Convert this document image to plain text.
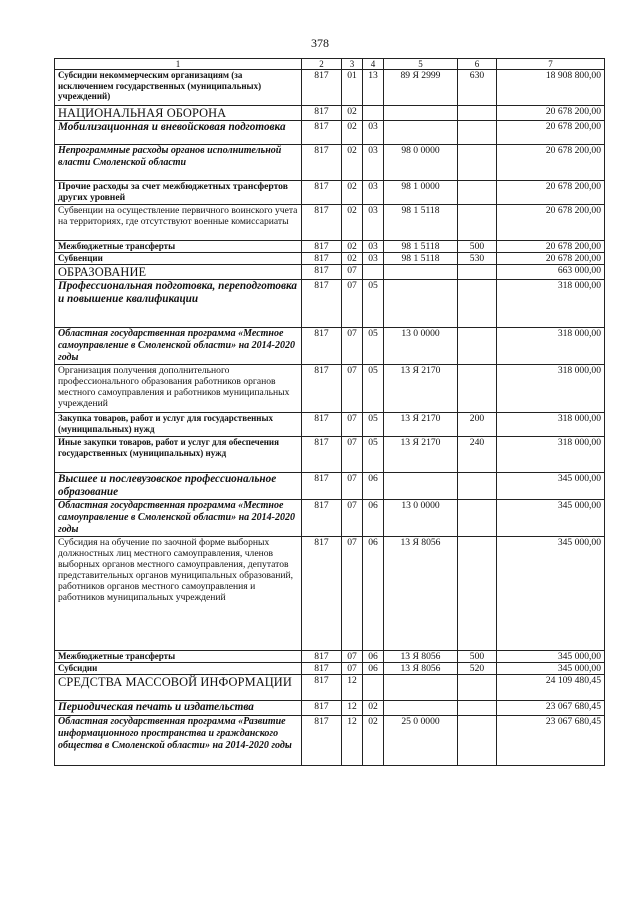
378
1	2	3	4	5	6	7
Субсидии некоммерческим организациям (за исключением государственных (муниципальных) учреждений)	817	01	13	89 Я 2999	630	18 908 800,00
НАЦИОНАЛЬНАЯ ОБОРОНА	817	02				20 678 200,00
Мобилизационная и вневойсковая подготовка	817	02	03			20 678 200,00
Непрограммные расходы органов исполнительной власти Смоленской области	817	02	03	98 0 0000		20 678 200,00
Прочие расходы за счет межбюджетных трансфертов других уровней	817	02	03	98 1 0000		20 678 200,00
Субвенции на осуществление первичного воинского учета на территориях, где отсутствуют военные комиссариаты	817	02	03	98 1 5118		20 678 200,00
Межбюджетные трансферты	817	02	03	98 1 5118	500	20 678 200,00
Субвенции	817	02	03	98 1 5118	530	20 678 200,00
ОБРАЗОВАНИЕ	817	07				663 000,00
Профессиональная подготовка, переподготовка и повышение квалификации	817	07	05			318 000,00
Областная государственная программа «Местное самоуправление в Смоленской области» на 2014-2020 годы	817	07	05	13 0 0000		318 000,00
Организация получения дополнительного профессионального образования работников органов местного самоуправления и работников муниципальных учреждений	817	07	05	13 Я 2170		318 000,00
Закупка товаров, работ и услуг для государственных (муниципальных) нужд	817	07	05	13 Я 2170	200	318 000,00
Иные закупки товаров, работ и услуг для обеспечения государственных (муниципальных) нужд	817	07	05	13 Я 2170	240	318 000,00
Высшее и послевузовское профессиональное образование	817	07	06			345 000,00
Областная государственная программа «Местное самоуправление в Смоленской области» на 2014-2020 годы	817	07	06	13 0 0000		345 000,00
Субсидия на обучение по заочной форме выборных должностных лиц местного самоуправления, членов выборных органов местного самоуправления, депутатов представительных органов муниципальных образований, работников органов местного самоуправления и работников муниципальных учреждений	817	07	06	13 Я 8056		345 000,00
Межбюджетные трансферты	817	07	06	13 Я 8056	500	345 000,00
Субсидии	817	07	06	13 Я 8056	520	345 000,00
СРЕДСТВА МАССОВОЙ ИНФОРМАЦИИ	817	12				24 109 480,45
Периодическая печать и издательства	817	12	02			23 067 680,45
Областная государственная программа «Развитие информационного пространства и гражданского общества в Смоленской области» на 2014-2020 годы	817	12	02	25 0 0000		23 067 680,45
